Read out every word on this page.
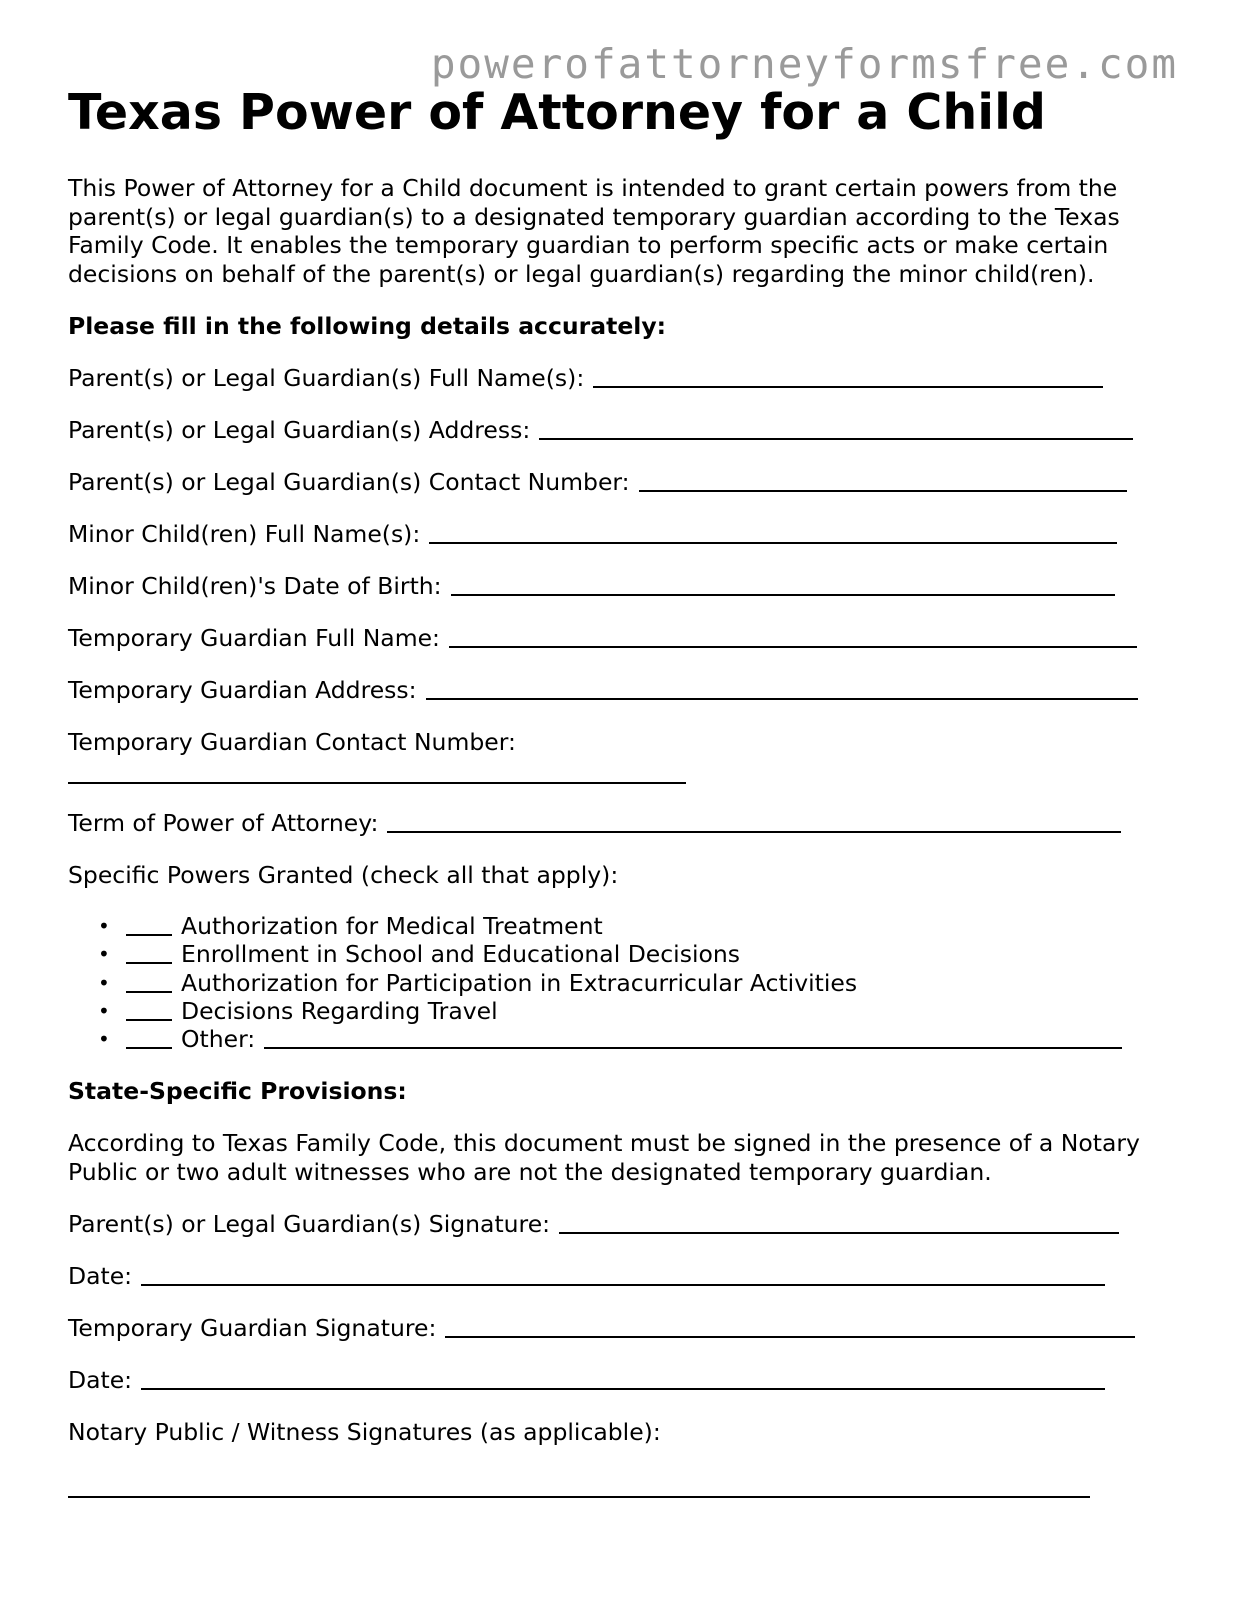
powerofattorneyformsfree.com
Texas Power of Attorney for a Child

This Power of Attorney for a Child document is intended to grant certain powers from the parent(s) or legal guardian(s) to a designated temporary guardian according to the Texas Family Code. It enables the temporary guardian to perform specific acts or make certain decisions on behalf of the parent(s) or legal guardian(s) regarding the minor child(ren).

Please fill in the following details accurately:
Parent(s) or Legal Guardian(s) Full Name(s):
Parent(s) or Legal Guardian(s) Address:
Parent(s) or Legal Guardian(s) Contact Number:
Minor Child(ren) Full Name(s):
Minor Child(ren)'s Date of Birth:
Temporary Guardian Full Name:
Temporary Guardian Address:
Temporary Guardian Contact Number:
Term of Power of Attorney:
Specific Powers Granted (check all that apply):
•	Authorization for Medical Treatment
•	Enrollment in School and Educational Decisions
•	Authorization for Participation in Extracurricular Activities
•	Decisions Regarding Travel
•	Other:
State-Specific Provisions:

According to Texas Family Code, this document must be signed in the presence of a Notary Public or two adult witnesses who are not the designated temporary guardian.

Parent(s) or Legal Guardian(s) Signature:
Date:
Temporary Guardian Signature:
Date:
Notary Public / Witness Signatures (as applicable):
